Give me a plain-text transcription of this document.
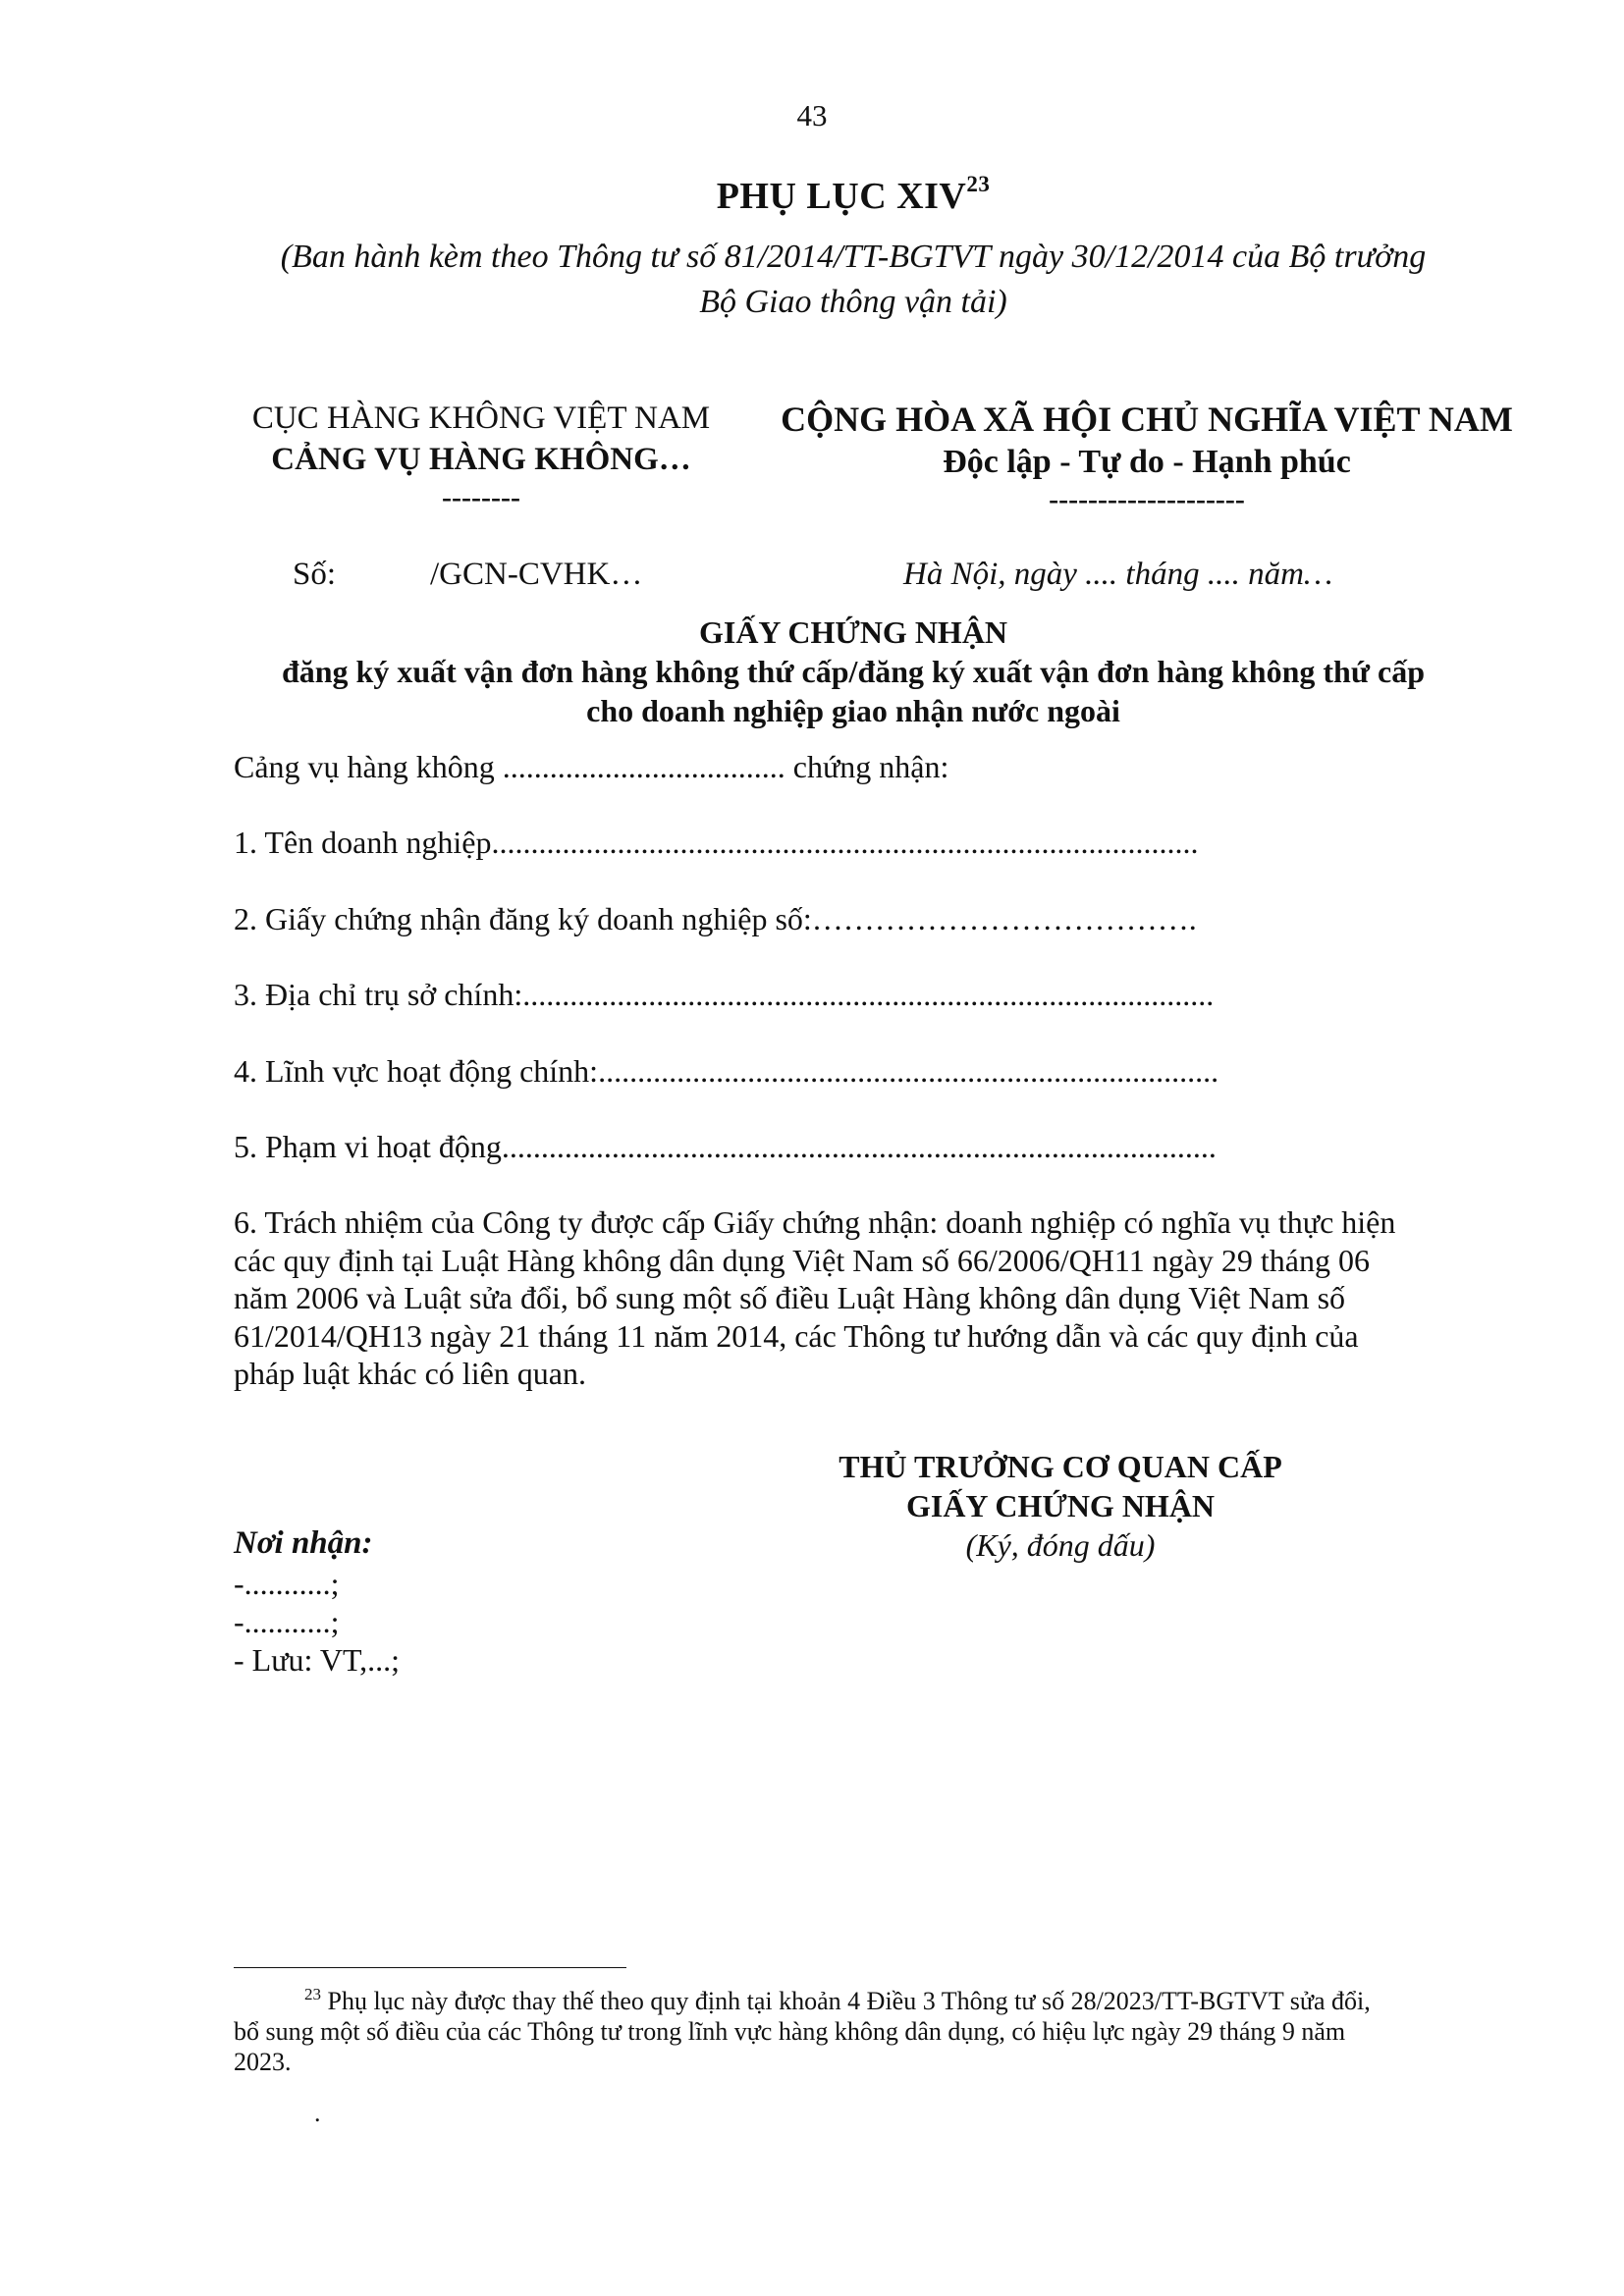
43
PHỤ LỤC XIV$^{23}$
(Ban hành kèm theo Thông tư số 81/2014/TT-BGTVT ngày 30/12/2014 của Bộ trưởng
Bộ Giao thông vận tải)
CỤC HÀNG KHÔNG VIỆT NAM
CẢNG VỤ HÀNG KHÔNG…
--------
CỘNG HÒA XÃ HỘI CHỦ NGHĨA VIỆT NAM
Độc lập - Tự do - Hạnh phúc
--------------------
Số:	/GCN-CVHK…	Hà Nội, ngày .... tháng .... năm…
GIẤY CHỨNG NHẬN
đăng ký xuất vận đơn hàng không thứ cấp/đăng ký xuất vận đơn hàng không thứ cấp
cho doanh nghiệp giao nhận nước ngoài
Cảng vụ hàng không .................................... chứng nhận:
1. Tên doanh nghiệp..........................................................................................
2. Giấy chứng nhận đăng ký doanh nghiệp số:……………………………….
3. Địa chỉ trụ sở chính:........................................................................................
4. Lĩnh vực hoạt động chính:...............................................................................
5. Phạm vi hoạt động...........................................................................................
6. Trách nhiệm của Công ty được cấp Giấy chứng nhận: doanh nghiệp có nghĩa vụ thực hiện
các quy định tại Luật Hàng không dân dụng Việt Nam số 66/2006/QH11 ngày 29 tháng 06
năm 2006 và Luật sửa đổi, bổ sung một số điều Luật Hàng không dân dụng Việt Nam số
61/2014/QH13 ngày 21 tháng 11 năm 2014, các Thông tư hướng dẫn và các quy định của
pháp luật khác có liên quan.
THỦ TRƯỞNG CƠ QUAN CẤP
GIẤY CHỨNG NHẬN
(Ký, đóng dấu)
Nơi nhận:
-...........;
-...........;
- Lưu: VT,...;
$^{23}$ Phụ lục này được thay thế theo quy định tại khoản 4 Điều 3 Thông tư số 28/2023/TT-BGTVT sửa đổi,
bổ sung một số điều của các Thông tư trong lĩnh vực hàng không dân dụng, có hiệu lực ngày 29 tháng 9 năm
2023.
.
